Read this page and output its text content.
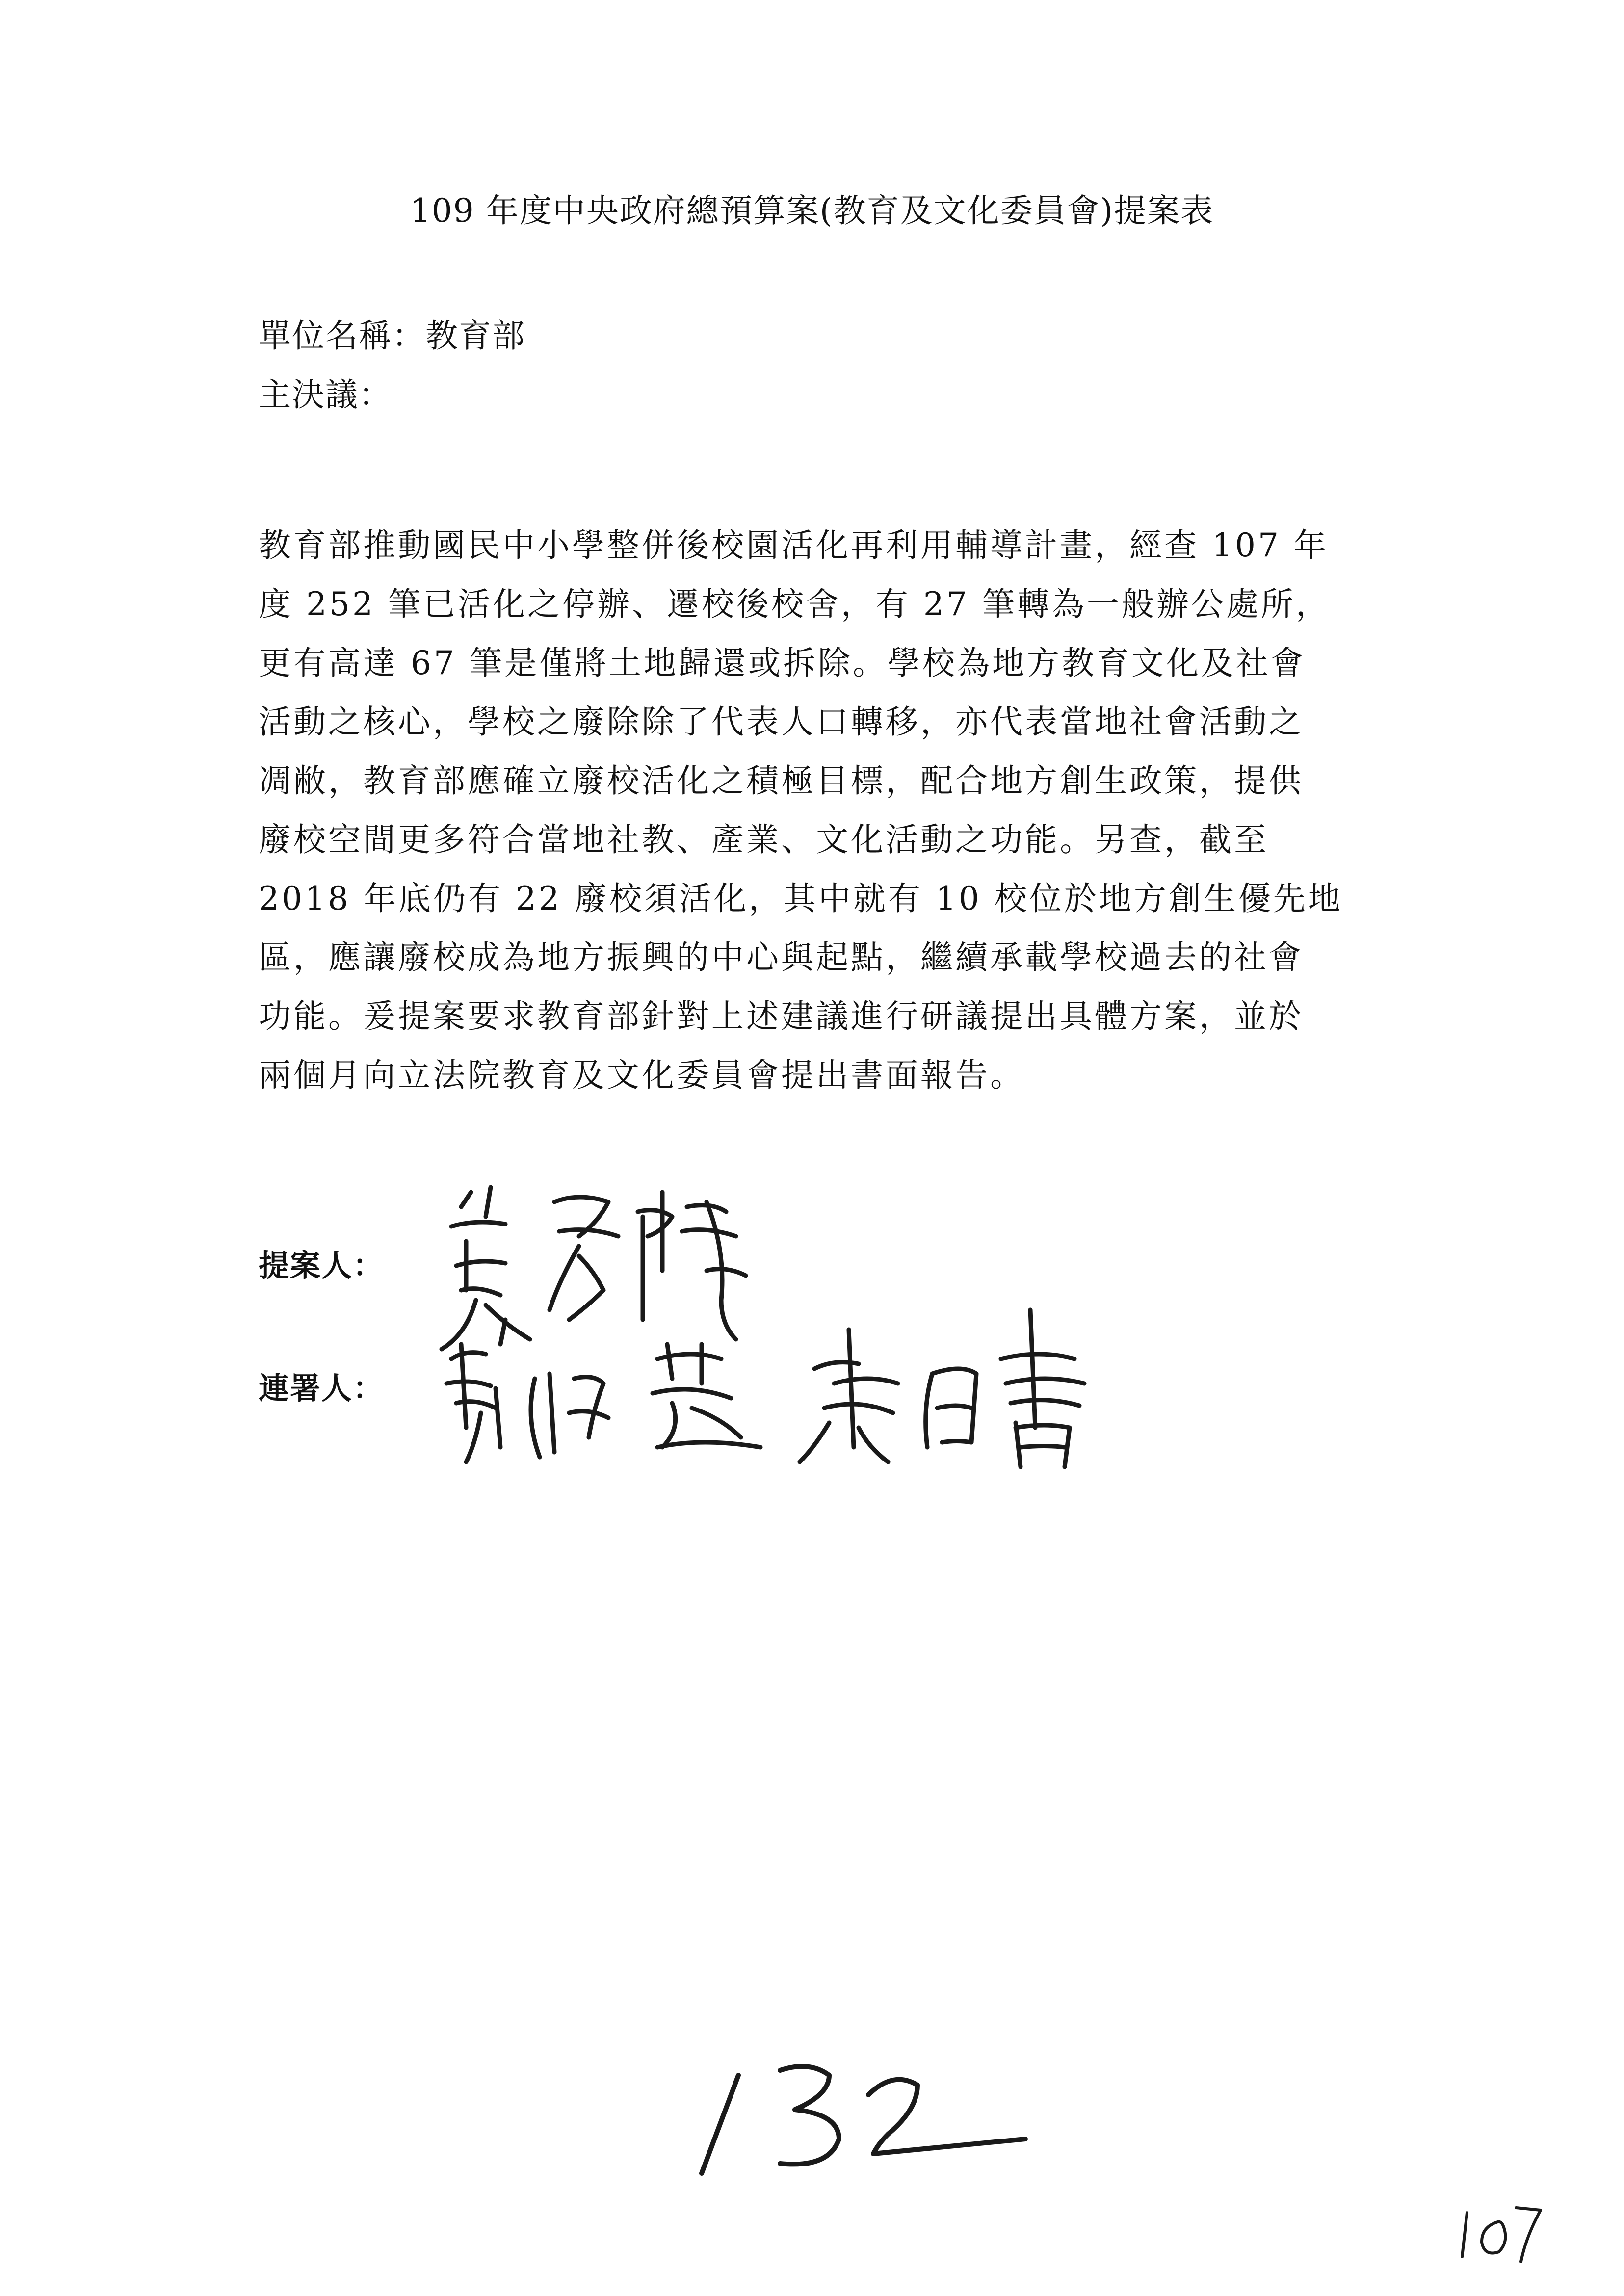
109 年度中央政府總預算案(教育及文化委員會)提案表
單位名稱：教育部
主決議：
教育部推動國民中小學整併後校園活化再利用輔導計畫，經查 107 年
度 252 筆已活化之停辦、遷校後校舍，有 27 筆轉為一般辦公處所，
更有高達 67 筆是僅將土地歸還或拆除。學校為地方教育文化及社會
活動之核心，學校之廢除除了代表人口轉移，亦代表當地社會活動之
凋敝，教育部應確立廢校活化之積極目標，配合地方創生政策，提供
廢校空間更多符合當地社教、產業、文化活動之功能。另查，截至
2018 年底仍有 22 廢校須活化，其中就有 10 校位於地方創生優先地
區，應讓廢校成為地方振興的中心與起點，繼續承載學校過去的社會
功能。爰提案要求教育部針對上述建議進行研議提出具體方案，並於
兩個月向立法院教育及文化委員會提出書面報告。
提案人：
連署人：
